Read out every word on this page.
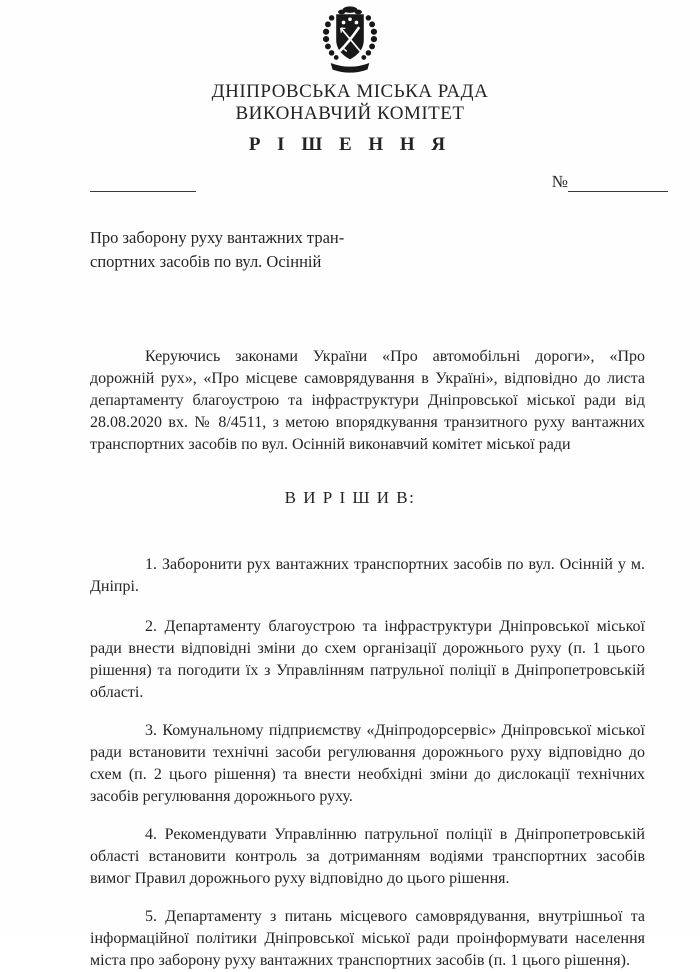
ДНІПРОВСЬКА МІСЬКА РАДА
ВИКОНАВЧИЙ КОМІТЕТ
Р І Ш Е Н Н Я
№
Про заборону руху вантажних тран-
спортних засобів по вул. Осінній

Керуючись законами України «Про автомобільні дороги», «Про дорожній рух», «Про місцеве самоврядування в Україні», відповідно до листа департаменту благоустрою та інфраструктури Дніпровської міської ради від 28.08.2020 вх. № 8/4511, з метою впорядкування транзитного руху вантажних транспортних засобів по вул. Осінній виконавчий комітет міської ради

В И Р І Ш И В:

1. Заборонити рух вантажних транспортних засобів по вул. Осінній у м. Дніпрі.

2. Департаменту благоустрою та інфраструктури Дніпровської міської ради внести відповідні зміни до схем організації дорожнього руху (п. 1 цього рішення) та погодити їх з Управлінням патрульної поліції в Дніпропетровській області.

3. Комунальному підприємству «Дніпродорсервіс» Дніпровської міської ради встановити технічні засоби регулювання дорожнього руху відповідно до схем (п. 2 цього рішення) та внести необхідні зміни до дислокації технічних засобів регулювання дорожнього руху.

4. Рекомендувати Управлінню патрульної поліції в Дніпропетровській області встановити контроль за дотриманням водіями транспортних засобів вимог Правил дорожнього руху відповідно до цього рішення.

5. Департаменту з питань місцевого самоврядування, внутрішньої та інформаційної політики Дніпровської міської ради проінформувати населення міста про заборону руху вантажних транспортних засобів (п. 1 цього рішення).
